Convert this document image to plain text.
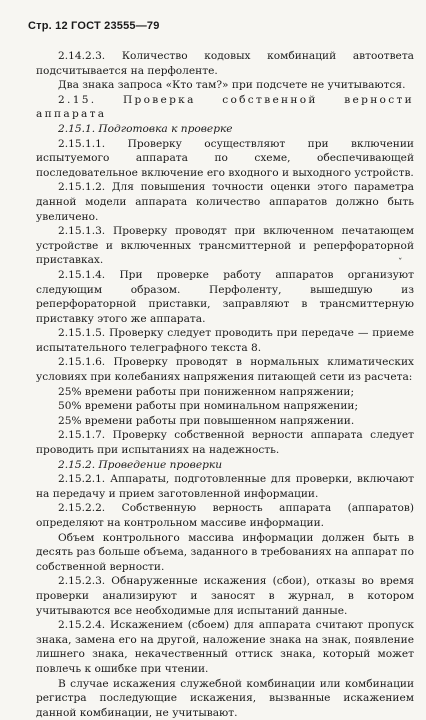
Стр. 12 ГОСТ 23555—79

2.14.2.3. Количество кодовых комбинаций автоответа подсчитывается на перфоленте.

Два знака запроса «Кто там?» при подсчете не учитываются.

2.15. Проверка собственной верности аппарата

2.15.1. Подготовка к проверке

2.15.1.1. Проверку осуществляют при включении испытуемого аппарата по схеме, обеспечивающей последовательное включение его входного и выходного устройств.

2.15.1.2. Для повышения точности оценки этого параметра данной модели аппарата количество аппаратов должно быть увеличено.

2.15.1.3. Проверку проводят при включенном печатающем устройстве и включенных трансмиттерной и реперфораторной приставках.

2.15.1.4. При проверке работу аппаратов организуют следующим образом. Перфоленту, вышедшую из реперфораторной приставки, заправляют в трансмиттерную приставку этого же аппарата.

2.15.1.5. Проверку следует проводить при передаче — приеме испытательного телеграфного текста 8.

2.15.1.6. Проверку проводят в нормальных климатических условиях при колебаниях напряжения питающей сети из расчета:

25% времени работы при пониженном напряжении;

50% времени работы при номинальном напряжении;

25% времени работы при повышенном напряжении.

2.15.1.7. Проверку собственной верности аппарата следует проводить при испытаниях на надежность.

2.15.2. Проведение проверки

2.15.2.1. Аппараты, подготовленные для проверки, включают на передачу и прием заготовленной информации.

2.15.2.2. Собственную верность аппарата (аппаратов) определяют на контрольном массиве информации.

Объем контрольного массива информации должен быть в десять раз больше объема, заданного в требованиях на аппарат по собственной верности.

2.15.2.3. Обнаруженные искажения (сбои), отказы во время проверки анализируют и заносят в журнал, в котором учитываются все необходимые для испытаний данные.

2.15.2.4. Искажением (сбоем) для аппарата считают пропуск знака, замена его на другой, наложение знака на знак, появление лишнего знака, некачественный оттиск знака, который может повлечь к ошибке при чтении.

В случае искажения служебной комбинации или комбинации регистра последующие искажения, вызванные искажением данной комбинации, не учитывают.

ˇ
